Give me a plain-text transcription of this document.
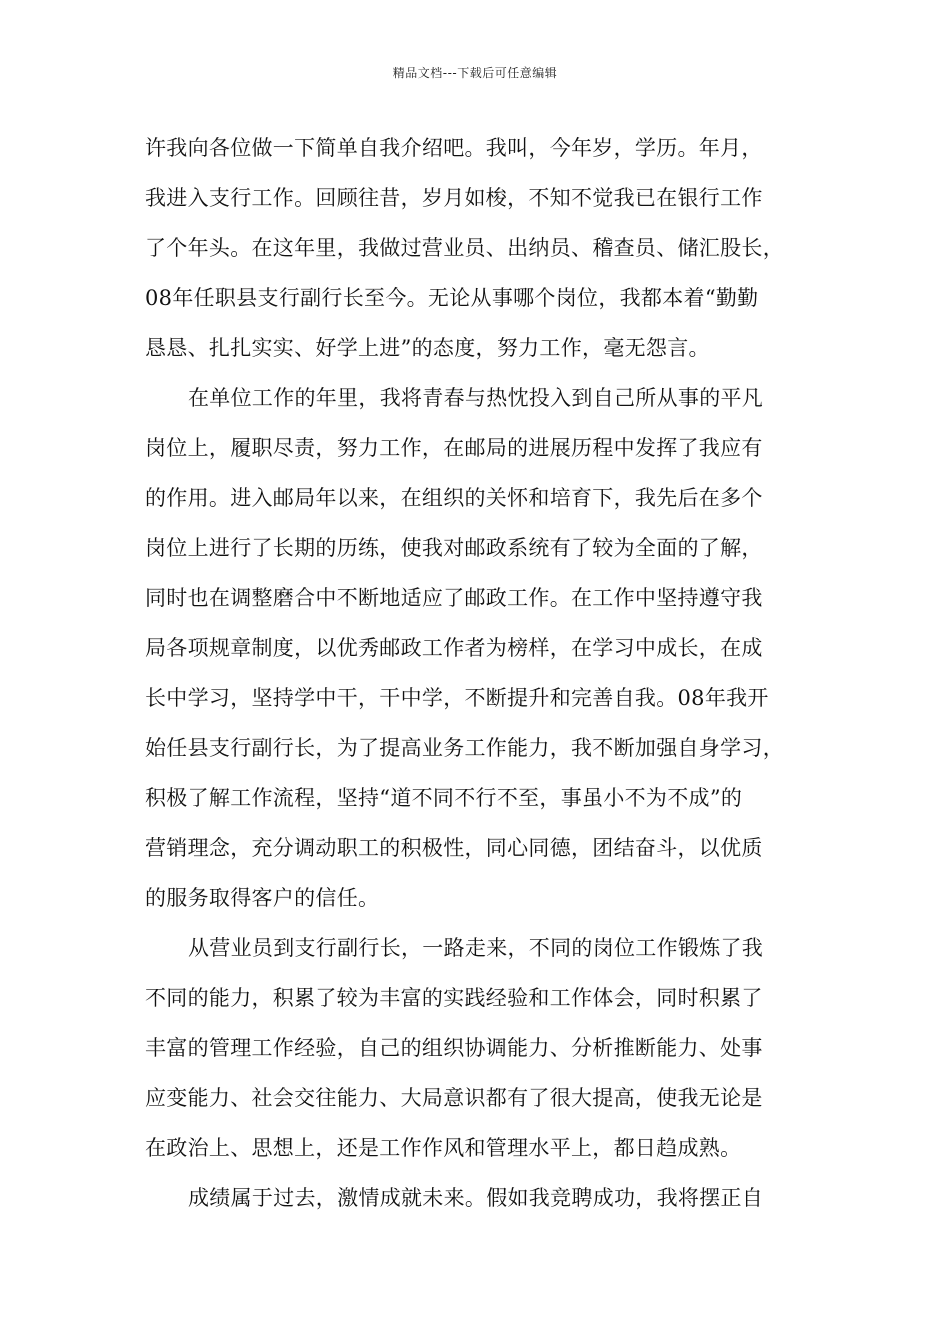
精品文档---下载后可任意编辑
许我向各位做一下简单自我介绍吧。我叫，今年岁，学历。年月，
我进入支行工作。回顾往昔，岁月如梭，不知不觉我已在银行工作
了个年头。在这年里，我做过营业员、出纳员、稽查员、储汇股长，
08年任职县支行副行长至今。无论从事哪个岗位，我都本着“勤勤
恳恳、扎扎实实、好学上进”的态度，努力工作，毫无怨言。
在单位工作的年里，我将青春与热忱投入到自己所从事的平凡
岗位上，履职尽责，努力工作，在邮局的进展历程中发挥了我应有
的作用。进入邮局年以来，在组织的关怀和培育下，我先后在多个
岗位上进行了长期的历练，使我对邮政系统有了较为全面的了解，
同时也在调整磨合中不断地适应了邮政工作。在工作中坚持遵守我
局各项规章制度，以优秀邮政工作者为榜样，在学习中成长，在成
长中学习，坚持学中干，干中学，不断提升和完善自我。08年我开
始任县支行副行长，为了提高业务工作能力，我不断加强自身学习，
积极了解工作流程，坚持“道不同不行不至，事虽小不为不成”的
营销理念，充分调动职工的积极性，同心同德，团结奋斗，以优质
的服务取得客户的信任。
从营业员到支行副行长，一路走来，不同的岗位工作锻炼了我
不同的能力，积累了较为丰富的实践经验和工作体会，同时积累了
丰富的管理工作经验，自己的组织协调能力、分析推断能力、处事
应变能力、社会交往能力、大局意识都有了很大提高，使我无论是
在政治上、思想上，还是工作作风和管理水平上，都日趋成熟。
成绩属于过去，激情成就未来。假如我竞聘成功，我将摆正自
